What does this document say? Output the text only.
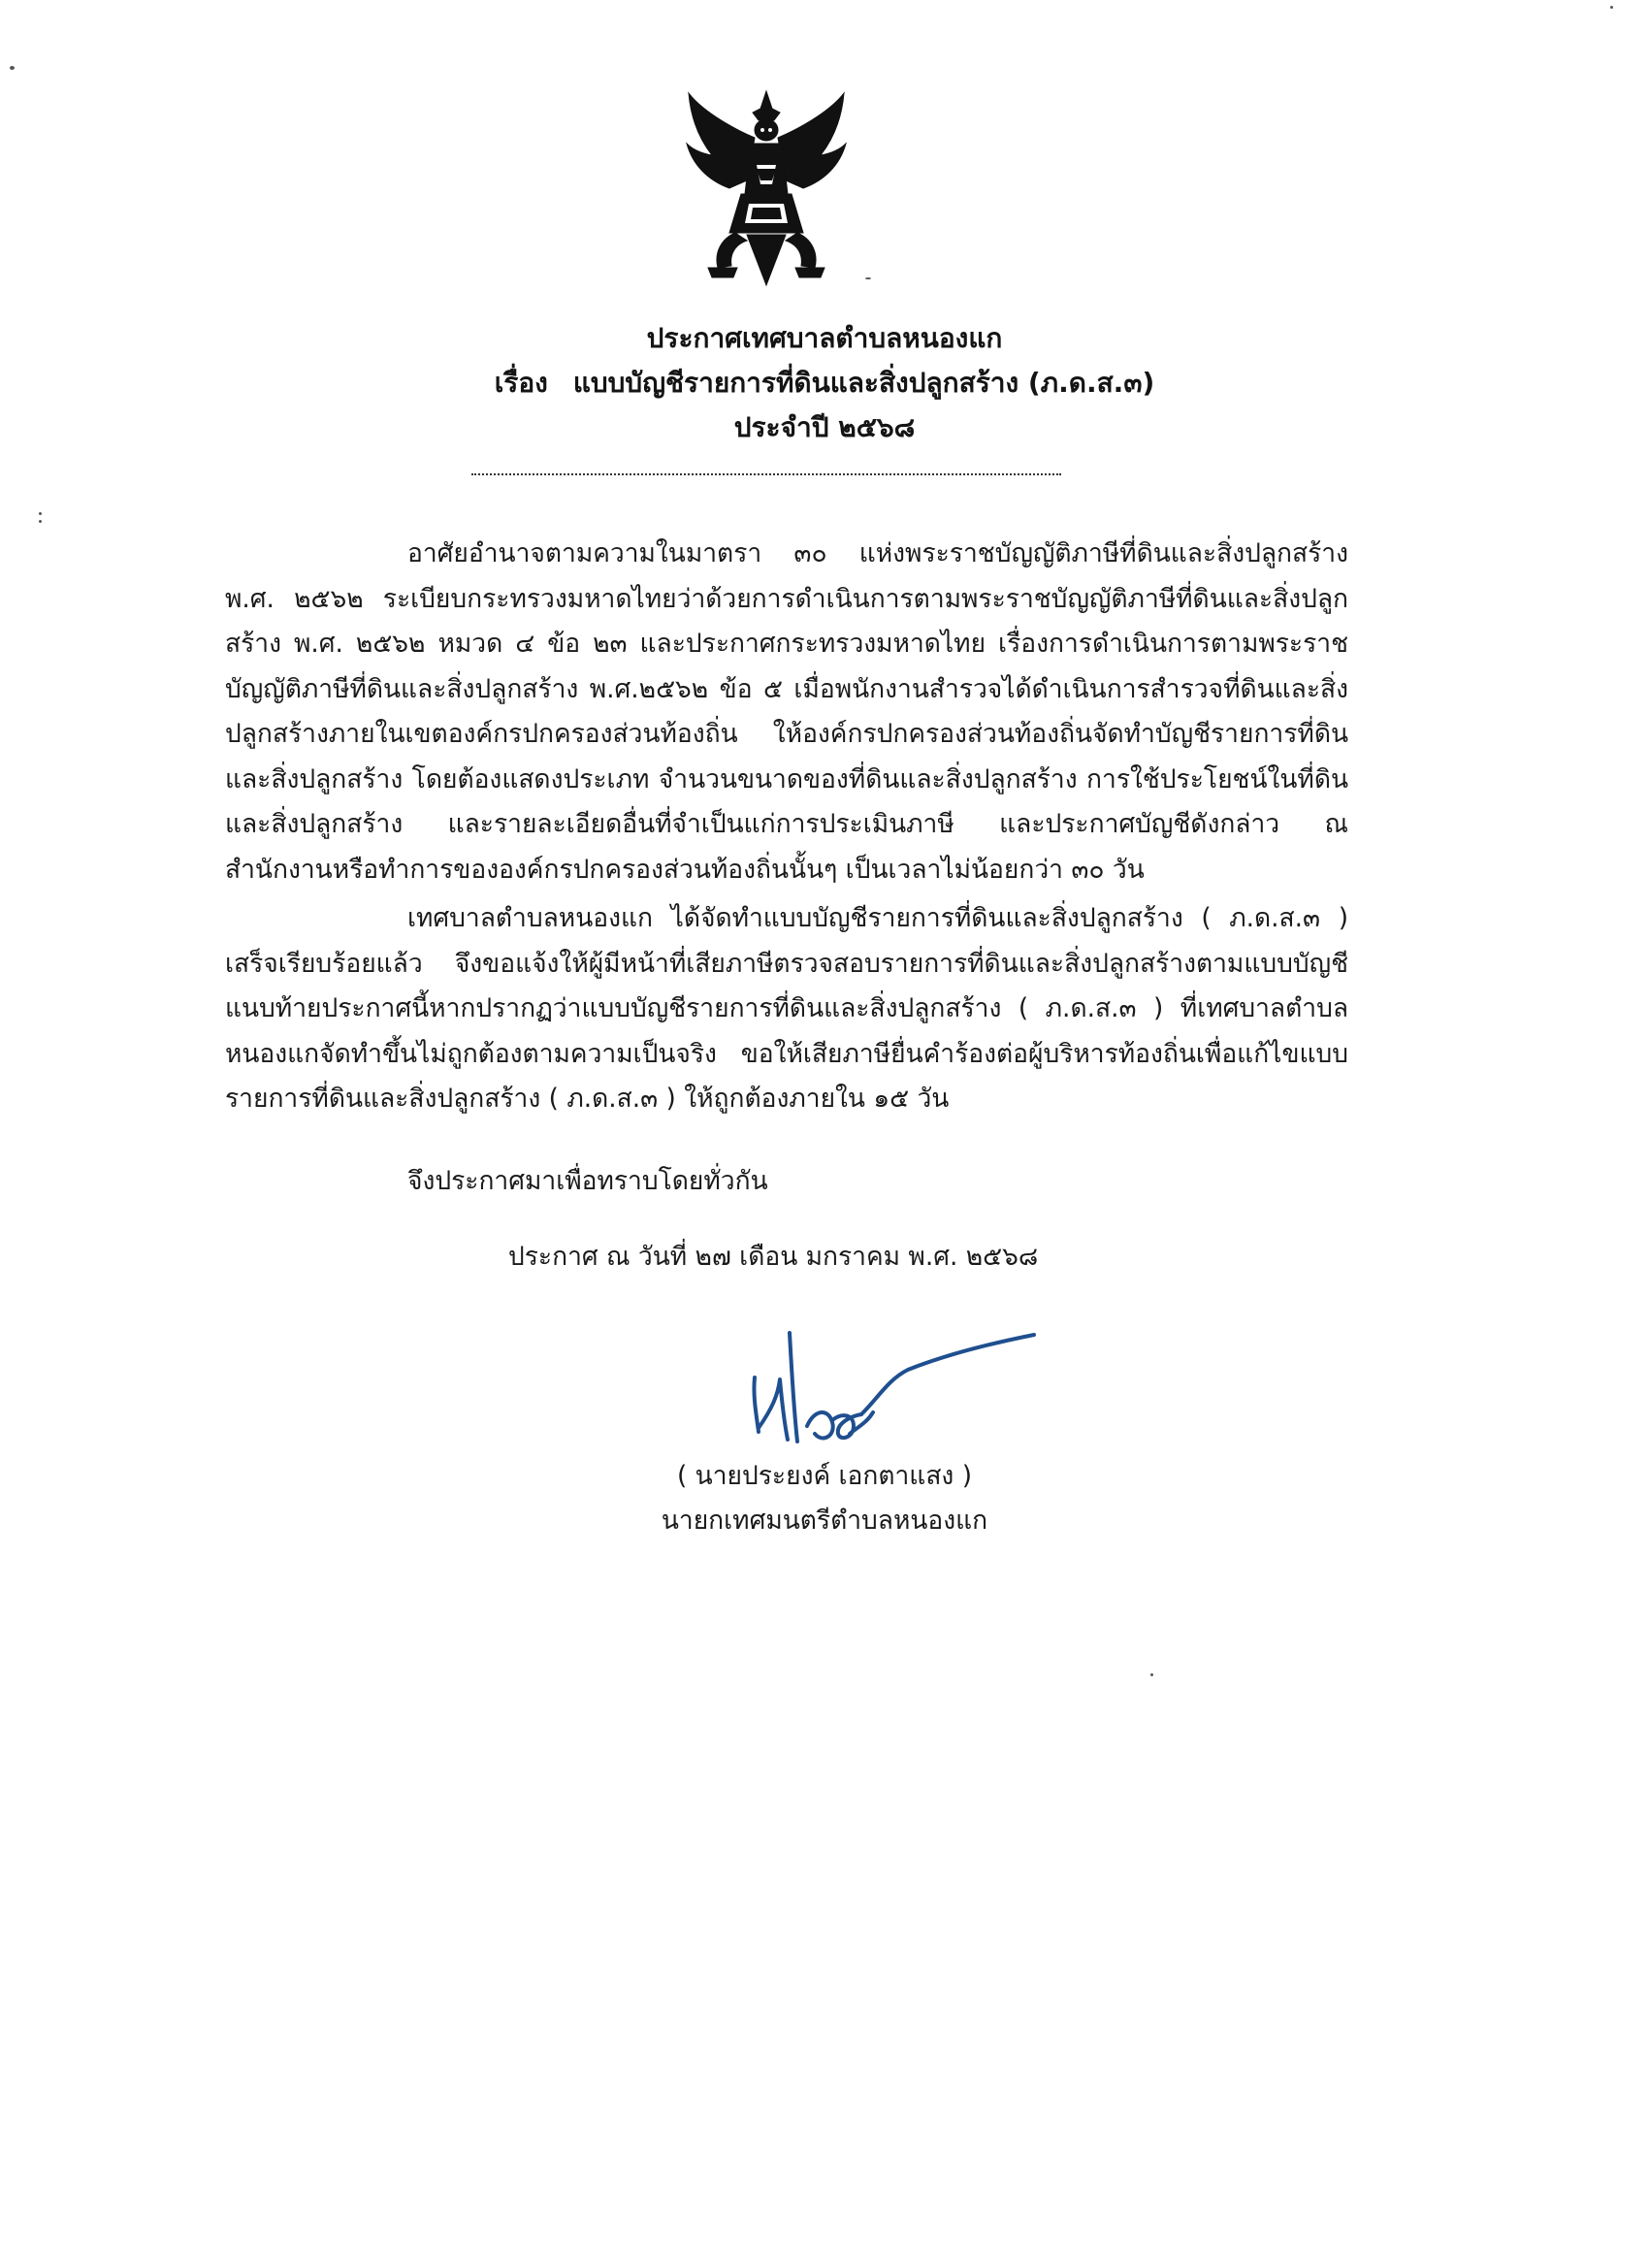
ประกาศเทศบาลตำบลหนองแก
เรื่อง แบบบัญชีรายการที่ดินและสิ่งปลูกสร้าง (ภ.ด.ส.๓)
ประจำปี ๒๕๖๘

อาศัยอำนาจตามความในมาตรา ๓๐ แห่งพระราชบัญญัติภาษีที่ดินและสิ่งปลูกสร้าง พ.ศ. ๒๕๖๒ ระเบียบกระทรวงมหาดไทยว่าด้วยการดำเนินการตามพระราชบัญญัติภาษีที่ดินและสิ่งปลูกสร้าง พ.ศ. ๒๕๖๒ หมวด ๔ ข้อ ๒๓ และประกาศกระทรวงมหาดไทย เรื่องการดำเนินการตามพระราชบัญญัติภาษีที่ดินและสิ่งปลูกสร้าง พ.ศ.๒๕๖๒ ข้อ ๕ เมื่อพนักงานสำรวจได้ดำเนินการสำรวจที่ดินและสิ่งปลูกสร้างภายในเขตองค์กรปกครองส่วนท้องถิ่น ให้องค์กรปกครองส่วนท้องถิ่นจัดทำบัญชีรายการที่ดินและสิ่งปลูกสร้าง โดยต้องแสดงประเภท จำนวนขนาดของที่ดินและสิ่งปลูกสร้าง การใช้ประโยชน์ในที่ดินและสิ่งปลูกสร้าง และรายละเอียดอื่นที่จำเป็นแก่การประเมินภาษี และประกาศบัญชีดังกล่าว ณ สำนักงานหรือทำการขององค์กรปกครองส่วนท้องถิ่นนั้นๆ เป็นเวลาไม่น้อยกว่า ๓๐ วัน

เทศบาลตำบลหนองแก ได้จัดทำแบบบัญชีรายการที่ดินและสิ่งปลูกสร้าง ( ภ.ด.ส.๓ ) เสร็จเรียบร้อยแล้ว จึงขอแจ้งให้ผู้มีหน้าที่เสียภาษีตรวจสอบรายการที่ดินและสิ่งปลูกสร้างตามแบบบัญชีแนบท้ายประกาศนี้หากปรากฏว่าแบบบัญชีรายการที่ดินและสิ่งปลูกสร้าง ( ภ.ด.ส.๓ ) ที่เทศบาลตำบลหนองแกจัดทำขึ้นไม่ถูกต้องตามความเป็นจริง ขอให้เสียภาษียื่นคำร้องต่อผู้บริหารท้องถิ่นเพื่อแก้ไขแบบรายการที่ดินและสิ่งปลูกสร้าง ( ภ.ด.ส.๓ ) ให้ถูกต้องภายใน ๑๕ วัน

จึงประกาศมาเพื่อทราบโดยทั่วกัน
ประกาศ ณ วันที่ ๒๗ เดือน มกราคม พ.ศ. ๒๕๖๘
( นายประยงค์ เอกตาแสง )
นายกเทศมนตรีตำบลหนองแก
